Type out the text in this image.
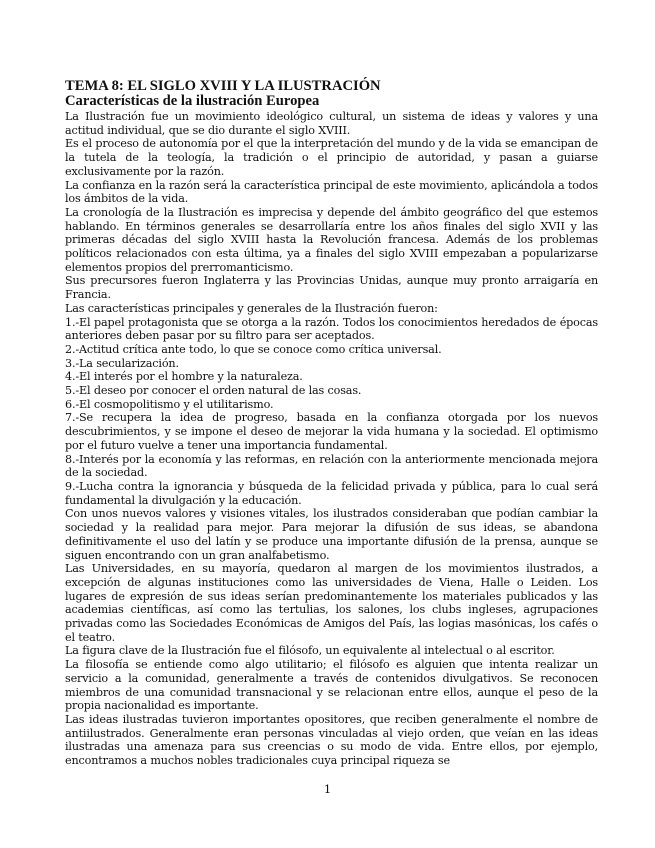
TEMA 8: EL SIGLO XVIII Y LA ILUSTRACIÓN
Características de la ilustración Europea

La Ilustración fue un movimiento ideológico cultural, un sistema de ideas y valores y una actitud individual, que se dio durante el siglo XVIII.

Es el proceso de autonomía por el que la interpretación del mundo y de la vida se emancipan de la tutela de la teología, la tradición o el principio de autoridad, y pasan a guiarse exclusivamente por la razón.

La confianza en la razón será la característica principal de este movimiento, aplicándola a todos los ámbitos de la vida.

La cronología de la Ilustración es imprecisa y depende del ámbito geográfico del que estemos hablando. En términos generales se desarrollaría entre los años finales del siglo XVII y las primeras décadas del siglo XVIII hasta la Revolución francesa. Además de los problemas políticos relacionados con esta última, ya a finales del siglo XVIII empezaban a popularizarse elementos propios del prerromanticismo.

Sus precursores fueron Inglaterra y las Provincias Unidas, aunque muy pronto arraigaría en Francia.

Las características principales y generales de la Ilustración fueron:

1.-El papel protagonista que se otorga a la razón. Todos los conocimientos heredados de épocas anteriores deben pasar por su filtro para ser aceptados.

2.-Actitud crítica ante todo, lo que se conoce como crítica universal.

3.-La secularización.

4.-El interés por el hombre y la naturaleza.

5.-El deseo por conocer el orden natural de las cosas.

6.-El cosmopolitismo y el utilitarismo.

7.-Se recupera la idea de progreso, basada en la confianza otorgada por los nuevos descubrimientos, y se impone el deseo de mejorar la vida humana y la sociedad. El optimismo por el futuro vuelve a tener una importancia fundamental.

8.-Interés por la economía y las reformas, en relación con la anteriormente mencionada mejora de la sociedad.

9.-Lucha contra la ignorancia y búsqueda de la felicidad privada y pública, para lo cual será fundamental la divulgación y la educación.

Con unos nuevos valores y visiones vitales, los ilustrados consideraban que podían cambiar la sociedad y la realidad para mejor. Para mejorar la difusión de sus ideas, se abandona definitivamente el uso del latín y se produce una importante difusión de la prensa, aunque se siguen encontrando con un gran analfabetismo.

Las Universidades, en su mayoría, quedaron al margen de los movimientos ilustrados, a excepción de algunas instituciones como las universidades de Viena, Halle o Leiden. Los lugares de expresión de sus ideas serían predominantemente los materiales publicados y las academias científicas, así como las tertulias, los salones, los clubs ingleses, agrupaciones privadas como las Sociedades Económicas de Amigos del País, las logias masónicas, los cafés o el teatro.

La figura clave de la Ilustración fue el filósofo, un equivalente al intelectual o al escritor.

La filosofía se entiende como algo utilitario; el filósofo es alguien que intenta realizar un servicio a la comunidad, generalmente a través de contenidos divulgativos. Se reconocen miembros de una comunidad transnacional y se relacionan entre ellos, aunque el peso de la propia nacionalidad es importante.

Las ideas ilustradas tuvieron importantes opositores, que reciben generalmente el nombre de antiilustrados. Generalmente eran personas vinculadas al viejo orden, que veían en las ideas ilustradas una amenaza para sus creencias o su modo de vida. Entre ellos, por ejemplo, encontramos a muchos nobles tradicionales cuya principal riqueza se

1
